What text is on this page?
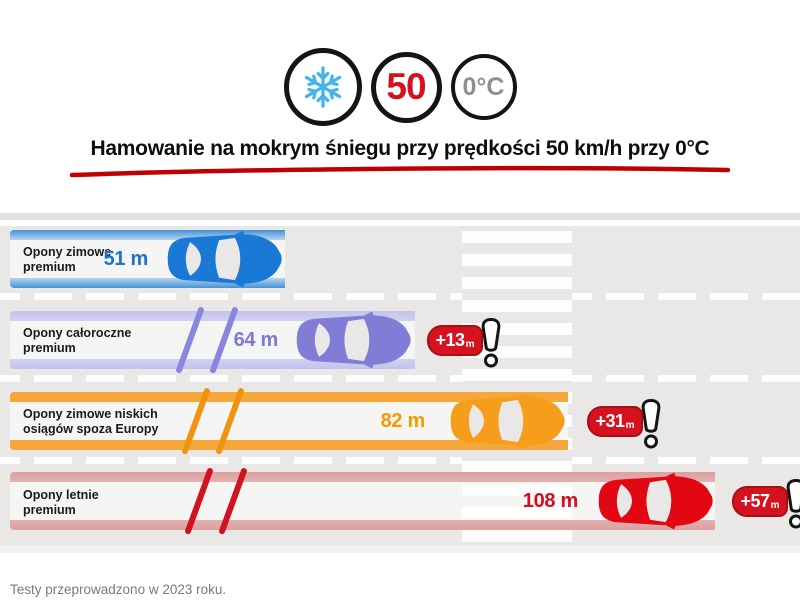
50 0°C
Hamowanie na mokrym śniegu przy prędkości 50 km/h przy 0°C
Opony zimowe
premium	51 m
Opony całoroczne
premium	64 m	+13 m
Opony zimowe niskich
osiągów spoza Europy	82 m	+31 m
Opony letnie
premium	108 m	+57 m
Testy przeprowadzono w 2023 roku.
